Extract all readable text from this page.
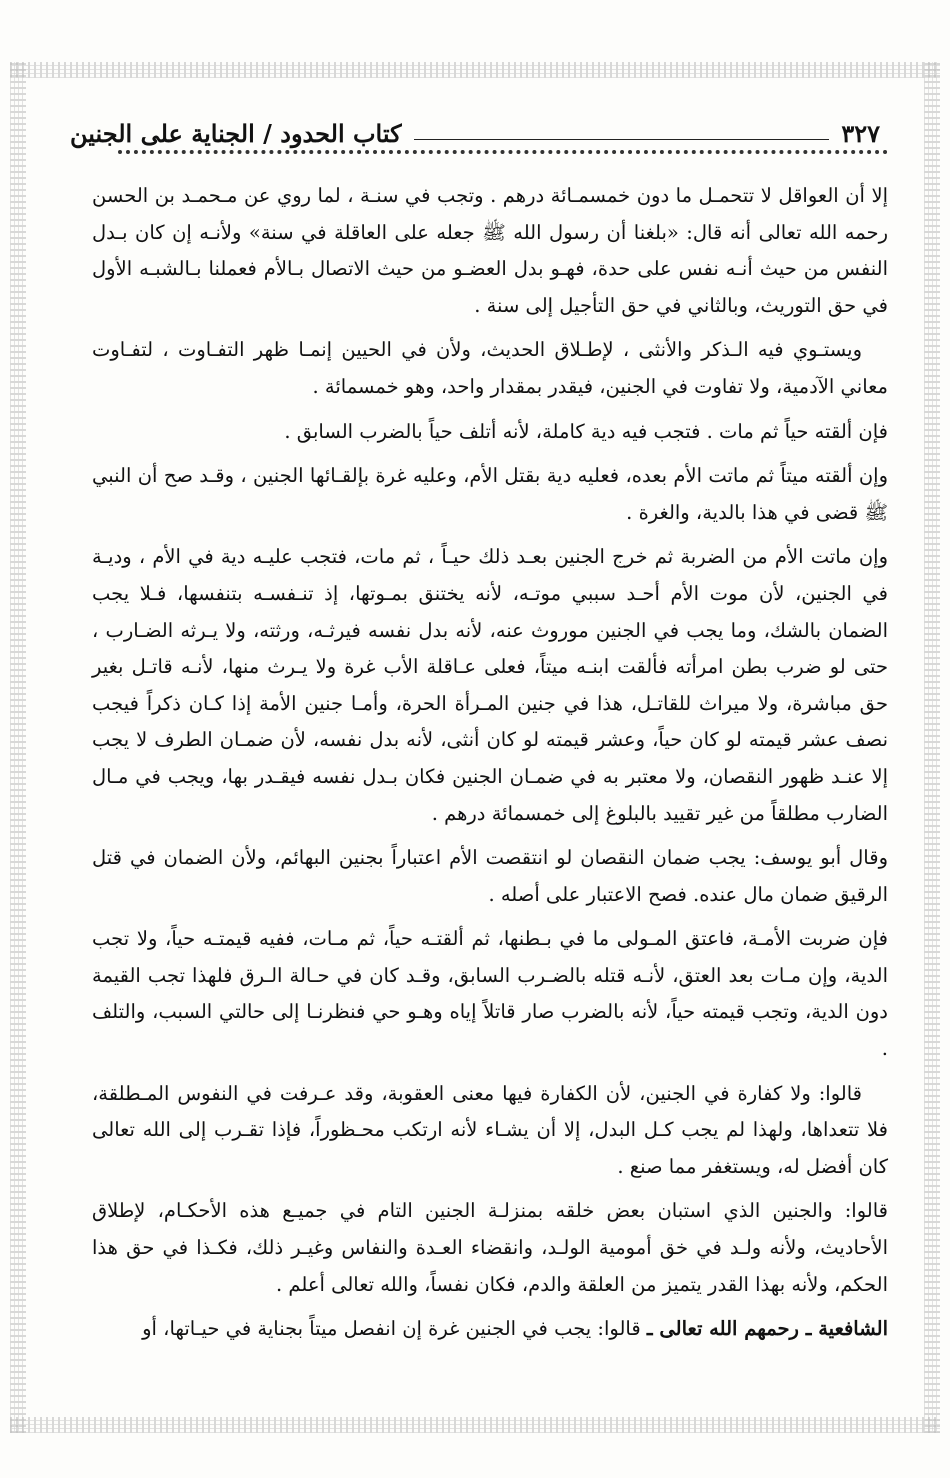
٣٢٧
كتاب الحدود / الجناية على الجنين

إلا أن العواقل لا تتحمـل ما دون خمسمـائة درهم . وتجب في سنـة ، لما روي عن مـحمـد بن الحسن رحمه الله تعالى أنه قال: «بلغنا أن رسول الله ﷺ جعله على العاقلة في سنة» ولأنـه إن كان بـدل النفس من حيث أنـه نفس على حدة، فهـو بدل العضـو من حيث الاتصال بـالأم فعملنا بـالشبـه الأول في حق التوريث، وبالثاني في حق التأجيل إلى سنة .

ويستـوي فيه الـذكر والأنثى ، لإطـلاق الحديث، ولأن في الحيين إنمـا ظهر التفـاوت ، لتفـاوت معاني الآدمية، ولا تفاوت في الجنين، فيقدر بمقدار واحد، وهو خمسمائة .

فإن ألقته حياً ثم مات . فتجب فيه دية كاملة، لأنه أتلف حياً بالضرب السابق .

وإن ألقته ميتاً ثم ماتت الأم بعده، فعليه دية بقتل الأم، وعليه غرة بإلقـائها الجنين ، وقـد صح أن النبي ﷺ قضى في هذا بالدية، والغرة .

وإن ماتت الأم من الضربة ثم خرج الجنين بعـد ذلك حيـاً ، ثم مات، فتجب عليـه دية في الأم ، وديـة في الجنين، لأن موت الأم أحـد سببي موتـه، لأنه يختنق بمـوتها، إذ تنـفسـه بتنفسها، فـلا يجب الضمان بالشك، وما يجب في الجنين موروث عنه، لأنه بدل نفسه فيرثـه، ورثته، ولا يـرثه الضـارب ، حتى لو ضرب بطن امرأته فألقت ابنـه ميتاً، فعلى عـاقلة الأب غرة ولا يـرث منها، لأنـه قاتـل بغير حق مباشرة، ولا ميراث للقاتـل، هذا في جنين المـرأة الحرة، وأمـا جنين الأمة إذا كـان ذكراً فيجب نصف عشر قيمته لو كان حياً، وعشر قيمته لو كان أنثى، لأنه بدل نفسه، لأن ضمـان الطرف لا يجب إلا عنـد ظهور النقصان، ولا معتبر به في ضمـان الجنين فكان بـدل نفسه فيقـدر بها، ويجب في مـال الضارب مطلقاً من غير تقييد بالبلوغ إلى خمسمائة درهم .

وقال أبو يوسف: يجب ضمان النقصان لو انتقصت الأم اعتباراً بجنين البهائم، ولأن الضمان في قتل الرقيق ضمان مال عنده. فصح الاعتبار على أصله .

فإن ضربت الأمـة، فاعتق المـولى ما في بـطنها، ثم ألقتـه حياً، ثم مـات، ففيه قيمتـه حياً، ولا تجب الدية، وإن مـات بعد العتق، لأنـه قتله بالضـرب السابق، وقـد كان في حـالة الـرق فلهذا تجب القيمة دون الدية، وتجب قيمته حياً، لأنه بالضرب صار قاتلاً إياه وهـو حي فنظرنـا إلى حالتي السبب، والتلف .

قالوا: ولا كفارة في الجنين، لأن الكفارة فيها معنى العقوبة، وقد عـرفت في النفوس المـطلقة، فلا تتعداها، ولهذا لم يجب كـل البدل، إلا أن يشـاء لأنه ارتكب محـظوراً، فإذا تقـرب إلى الله تعالى كان أفضل له، ويستغفر مما صنع .

قالوا: والجنين الذي استبان بعض خلقه بمنزلـة الجنين التام في جميـع هذه الأحكـام، لإطلاق الأحاديث، ولأنه ولـد في خق أمومية الولـد، وانقضاء العـدة والنفاس وغيـر ذلك، فكـذا في حق هذا الحكم، ولأنه بهذا القدر يتميز من العلقة والدم، فكان نفساً، والله تعالى أعلم .

الشافعية ـ رحمهم الله تعالى ـ قالوا: يجب في الجنين غرة إن انفصل ميتاً بجناية في حيـاتها، أو
